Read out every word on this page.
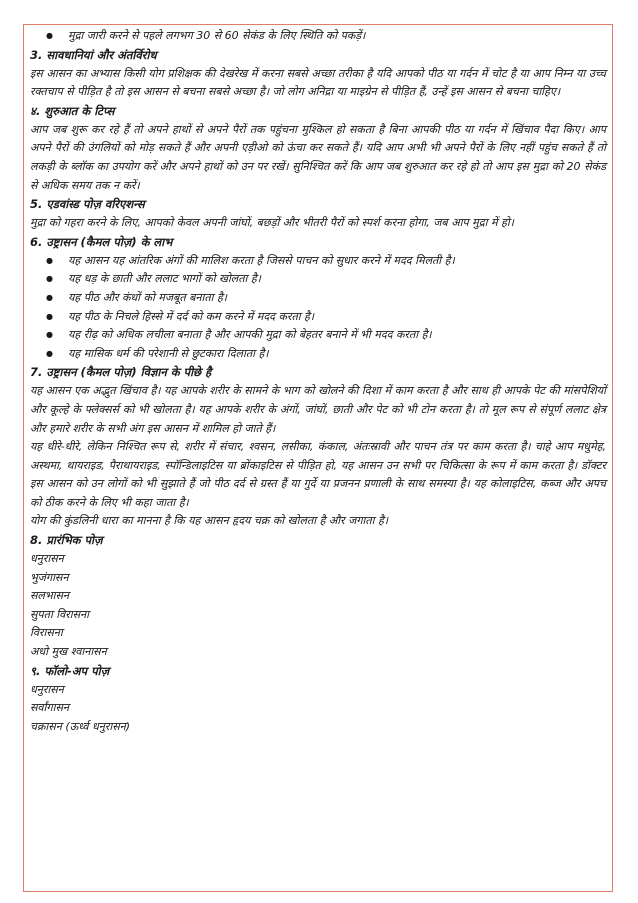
● मुद्रा जारी करने से पहले लगभग 30 से 60 सेकंड के लिए स्थिति को पकड़ें।

3. सावधानियां और अंतर्विरोध

इस आसन का अभ्यास किसी योग प्रशिक्षक की देखरेख में करना सबसे अच्छा तरीका है यदि आपको पीठ या गर्दन में चोट है या आप निम्न या उच्च रक्तचाप से पीड़ित है तो इस आसन से बचना सबसे अच्छा है। जो लोग अनिद्रा या माइग्रेन से पीड़ित हैं, उन्हें इस आसन से बचना चाहिए।

४. शुरुआत के टिप्स

आप जब शुरू कर रहे हैं तो अपने हाथों से अपने पैरों तक पहुंचना मुश्किल हो सकता है बिना आपकी पीठ या गर्दन में खिंचाव पैदा किए। आप अपने पैरों की उंगलियों को मोड़ सकते हैं और अपनी एड़ीओ को ऊंचा कर सकते हैं। यदि आप अभी भी अपने पैरों के लिए नहीं पहुंच सकते हैं तो लकड़ी के ब्लॉक का उपयोग करें और अपने हाथों को उन पर रखें। सुनिश्चित करें कि आप जब शुरुआत कर रहे हो तो आप इस मुद्रा को 20 सेकंड से अधिक समय तक न करें।

5. एडवांस्ड पोज़ वरिएशन्स

मुद्रा को गहरा करने के लिए, आपको केवल अपनी जांघों, बछड़ों और भीतरी पैरों को स्पर्श करना होगा, जब आप मुद्रा में हो।

6. उष्ट्रासन (कैमल पोज़) के लाभ

● यह आसन यह आंतरिक अंगों की मालिश करता है जिससे पाचन को सुधार करने में मदद मिलती है।
● यह धड़ के छाती और ललाट भागों को खोलता है।
● यह पीठ और कंधों को मजबूत बनाता है।
● यह पीठ के निचले हिस्से में दर्द को कम करने में मदद करता है।
● यह रीढ़ को अधिक लचीला बनाता है और आपकी मुद्रा को बेहतर बनाने में भी मदद करता है।
● यह मासिक धर्म की परेशानी से छुटकारा दिलाता है।

7. उष्ट्रासन (कैमल पोज़) विज्ञान के पीछे है

यह आसन एक अद्भुत खिंचाव है। यह आपके शरीर के सामने के भाग को खोलने की दिशा में काम करता है और साथ ही आपके पेट की मांसपेशियों और कूल्हे के फ्लेक्सर्स को भी खोलता है। यह आपके शरीर के अंगों, जांघों, छाती और पेट को भी टोन करता है। तो मूल रूप से संपूर्ण ललाट क्षेत्र और हमारे शरीर के सभी अंग इस आसन में शामिल हो जाते हैं।

यह धीरे-धीरे, लेकिन निश्चित रूप से, शरीर में संचार, श्वसन, लसीका, कंकाल, अंतःस्रावी और पाचन तंत्र पर काम करता है। चाहे आप मधुमेह, अस्थमा, थायराइड, पैराथायराइड, स्पॉन्डिलाइटिस या ब्रोंकाइटिस से पीड़ित हो, यह आसन उन सभी पर चिकित्सा के रूप में काम करता है। डॉक्टर इस आसन को उन लोगों को भी सुझाते हैं जो पीठ दर्द से ग्रस्त हैं या गुर्दे या प्रजनन प्रणाली के साथ समस्या है। यह कोलाइटिस, कब्ज और अपच को ठीक करने के लिए भी कहा जाता है।

योग की कुंडलिनी धारा का मानना है कि यह आसन हृदय चक्र को खोलता है और जगाता है।

8. प्रारंभिक पोज़

धनुरासन
भुजंगासन
सलभासन
सुपता विरासना
विरासना
अधो मुख श्वानासन

९. फॉलो-अप पोज़

धनुरासन
सर्वांगासन
चक्रासन (ऊर्ध्व धनुरासन)
